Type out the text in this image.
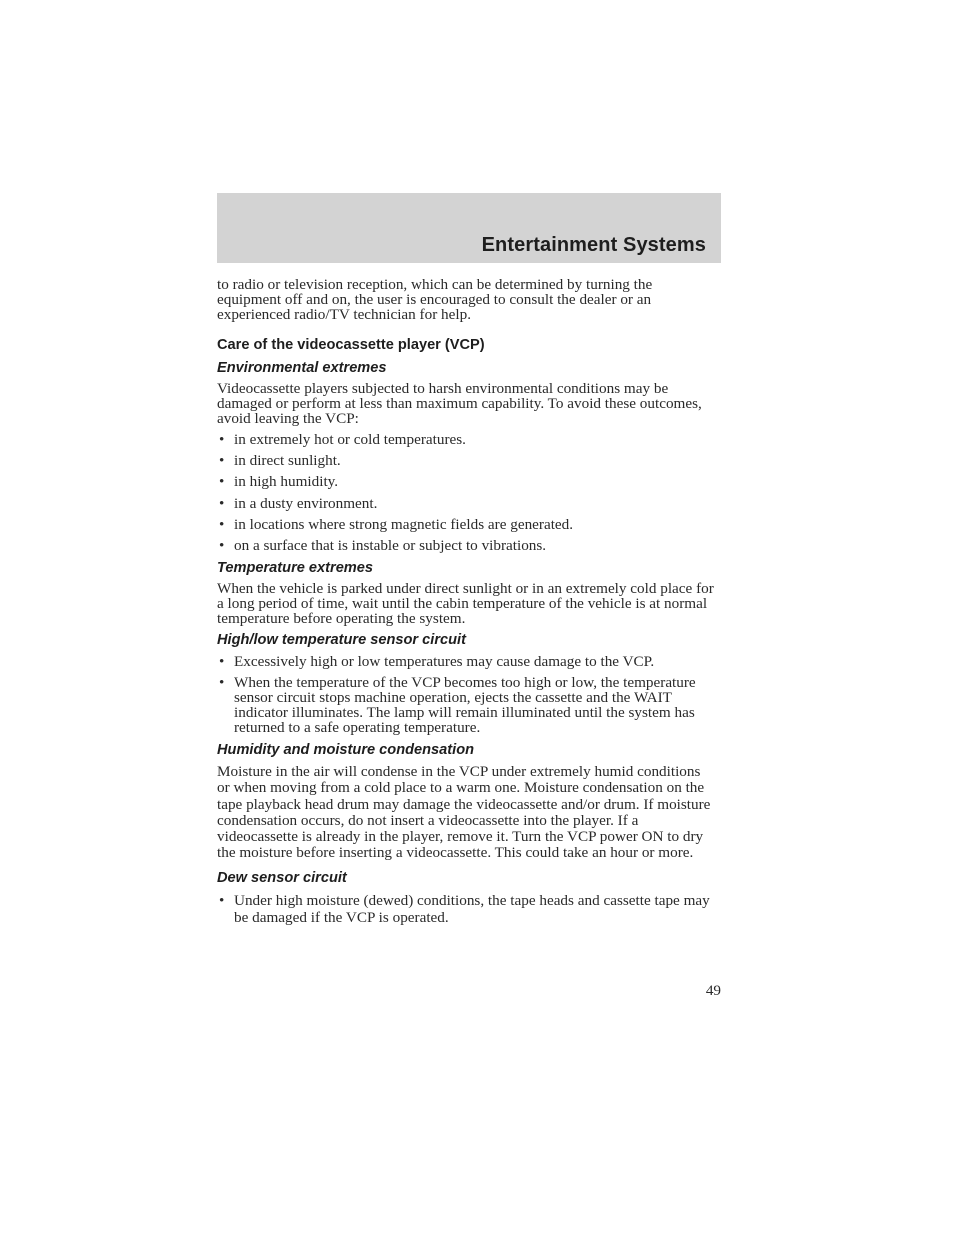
Entertainment Systems

to radio or television reception, which can be determined by turning the equipment off and on, the user is encouraged to consult the dealer or an experienced radio/TV technician for help.

Care of the videocassette player (VCP)
Environmental extremes

Videocassette players subjected to harsh environmental conditions may be damaged or perform at less than maximum capability. To avoid these outcomes, avoid leaving the VCP:

• in extremely hot or cold temperatures.
• in direct sunlight.
• in high humidity.
• in a dusty environment.
• in locations where strong magnetic fields are generated.
• on a surface that is instable or subject to vibrations.
Temperature extremes

When the vehicle is parked under direct sunlight or in an extremely cold place for a long period of time, wait until the cabin temperature of the vehicle is at normal temperature before operating the system.

High/low temperature sensor circuit
• Excessively high or low temperatures may cause damage to the VCP.
• When the temperature of the VCP becomes too high or low, the temperature sensor circuit stops machine operation, ejects the cassette and the WAIT indicator illuminates. The lamp will remain illuminated until the system has returned to a safe operating temperature.
Humidity and moisture condensation

Moisture in the air will condense in the VCP under extremely humid conditions or when moving from a cold place to a warm one. Moisture condensation on the tape playback head drum may damage the videocassette and/or drum. If moisture condensation occurs, do not insert a videocassette into the player. If a videocassette is already in the player, remove it. Turn the VCP power ON to dry the moisture before inserting a videocassette. This could take an hour or more.

Dew sensor circuit
• Under high moisture (dewed) conditions, the tape heads and cassette tape may be damaged if the VCP is operated.
49
